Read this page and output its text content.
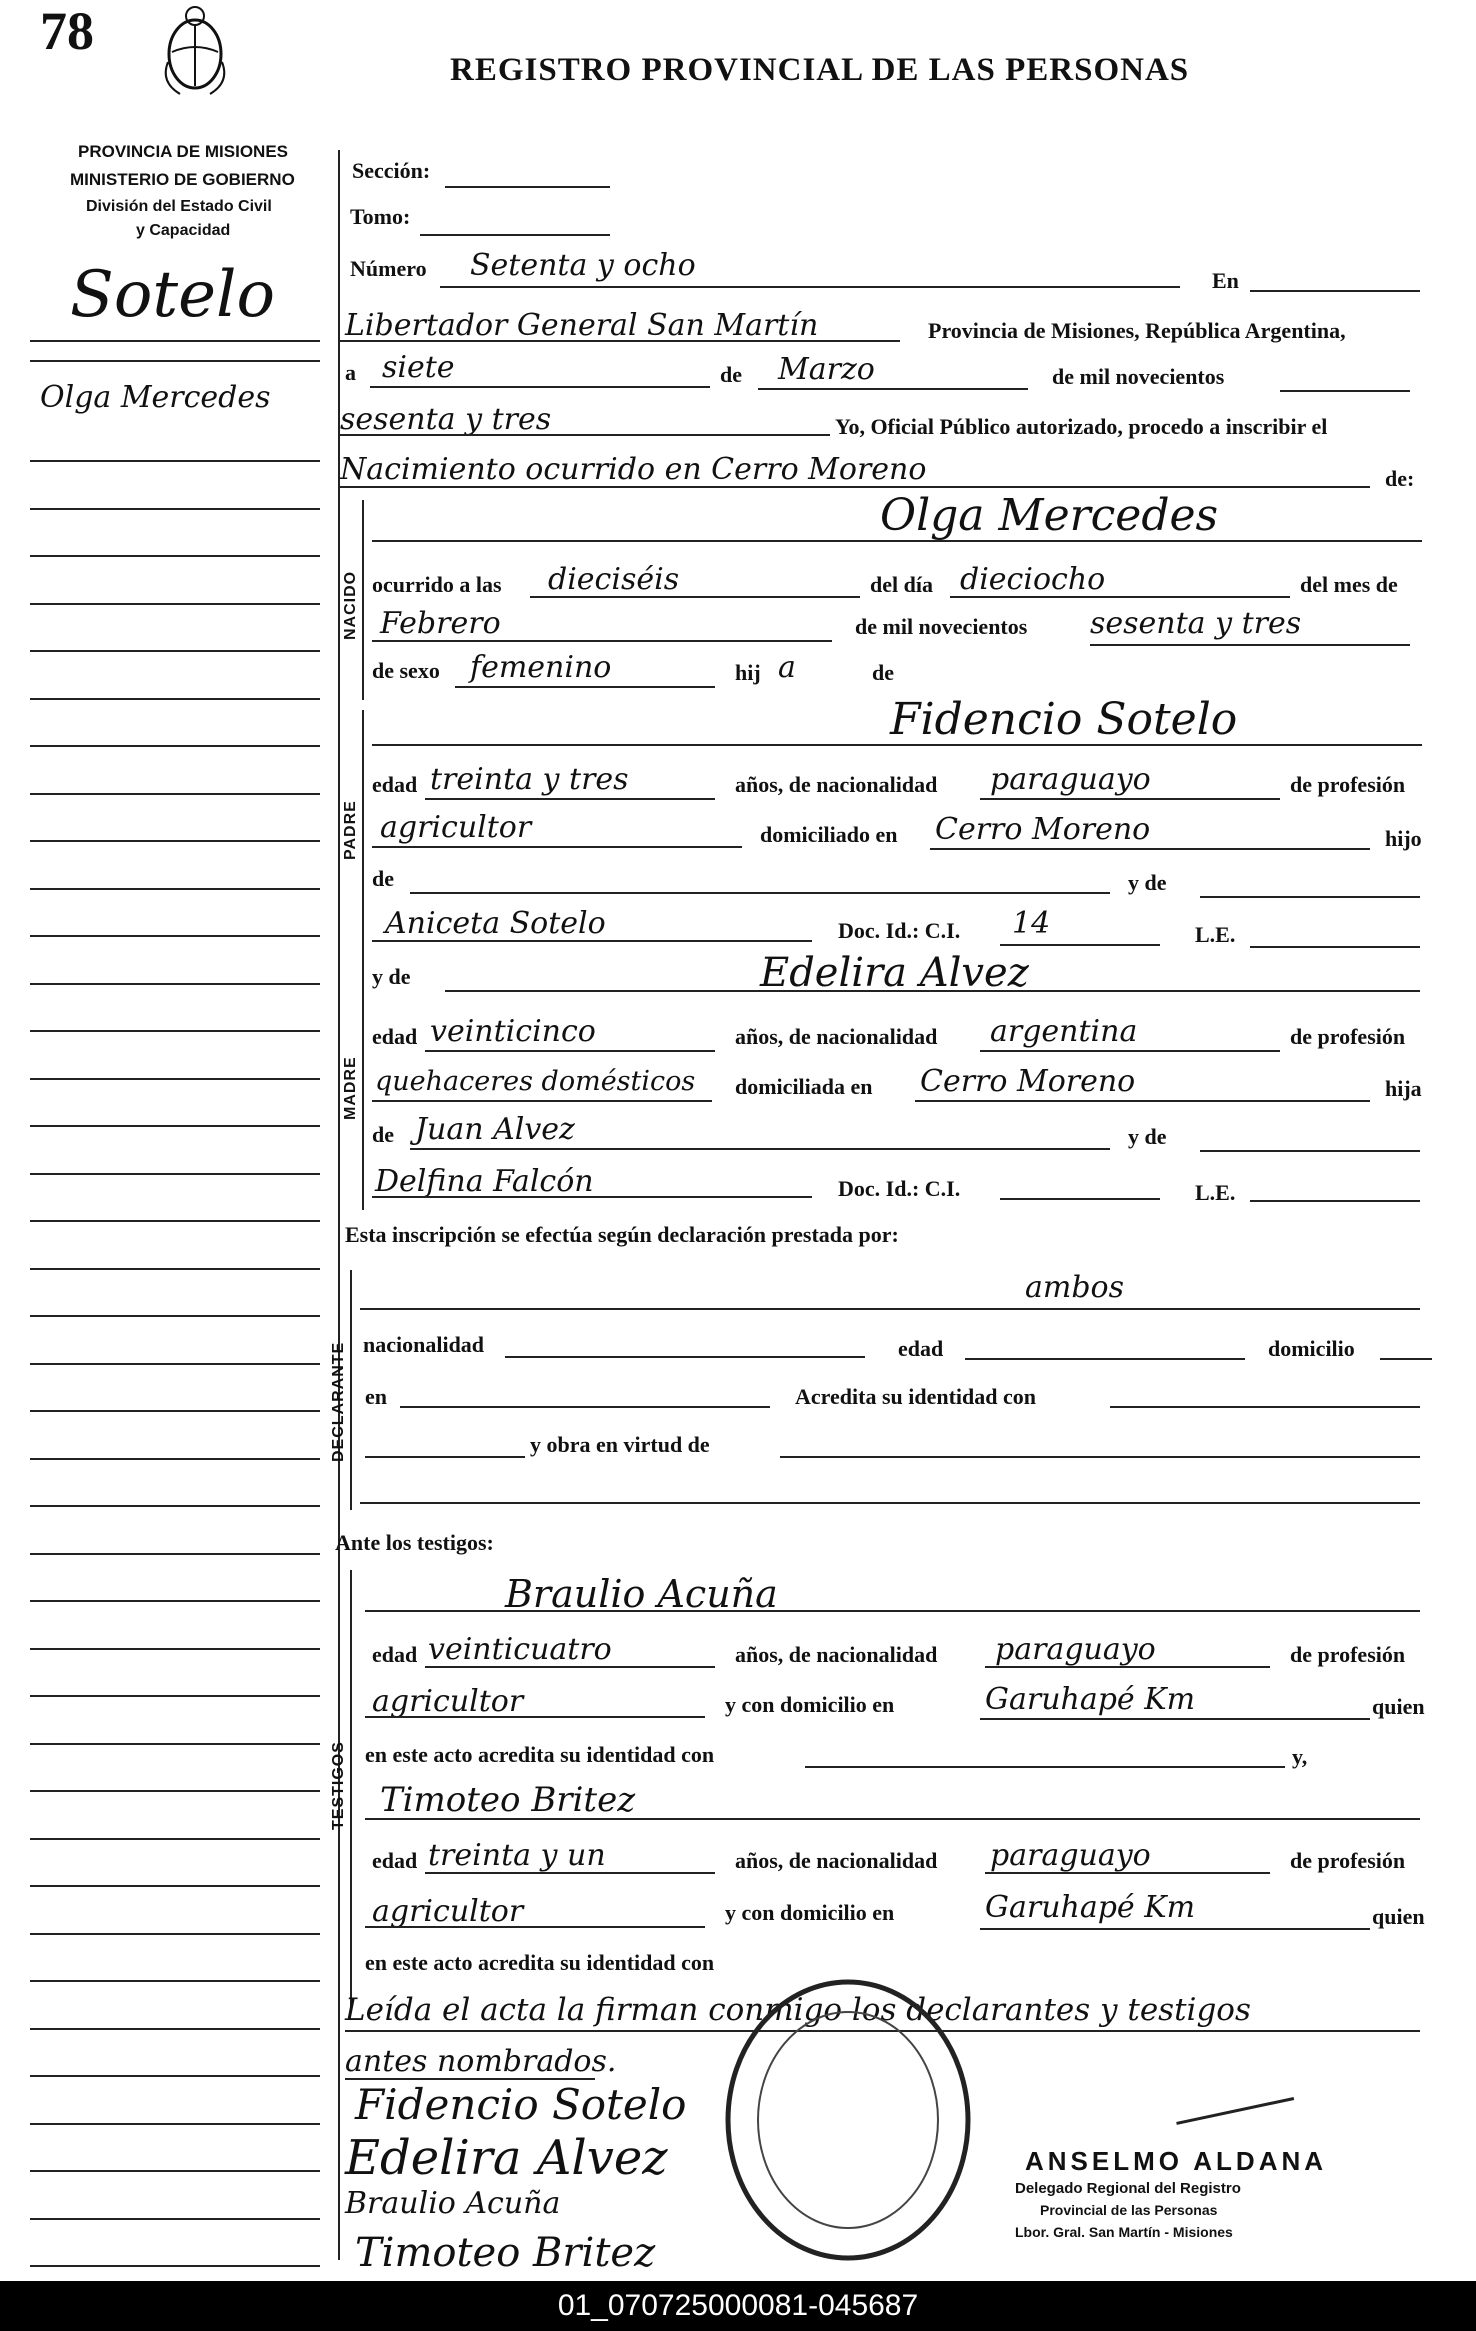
78
REGISTRO PROVINCIAL DE LAS PERSONAS
PROVINCIA DE MISIONES
MINISTERIO DE GOBIERNO
División del Estado Civil
y Capacidad
Sotelo
Olga Mercedes
Sección:
Tomo:
Número Setenta y ocho	En
Libertador General San Martín	Provincia de Misiones, República Argentina,
a siete	de Marzo	de mil novecientos
sesenta y tres	Yo, Oficial Público autorizado, procedo a inscribir el
Nacimiento ocurrido en Cerro Moreno	de:
NACIDO
Olga Mercedes
ocurrido a las dieciséis	del día dieciocho	del mes de
Febrero	de mil novecientos sesenta y tres
de sexo femenino	hij a	de
PADRE
Fidencio Sotelo
edad treinta y tres	años, de nacionalidad paraguayo	de profesión
agricultor	domiciliado en Cerro Moreno	hijo
de	y de
Aniceta Sotelo	Doc. Id.: C.I. 14	L.E.
MADRE
y de	Edelira Alvez
edad veinticinco	años, de nacionalidad argentina	de profesión
quehaceres domésticos domiciliada en Cerro Moreno	hija
de Juan Alvez	y de
Delfina Falcón	Doc. Id.: C.I.	L.E.
Esta inscripción se efectúa según declaración prestada por:
DECLARANTE
ambos
nacionalidad	edad	domicilio
en	Acredita su identidad con
y obra en virtud de
Ante los testigos:
TESTIGOS
Braulio Acuña
edad veinticuatro	años, de nacionalidad paraguayo	de profesión
agricultor	y con domicilio en	Garuhapé Km	quien
en este acto acredita su identidad con	y,
Timoteo Britez
edad treinta y un	años, de nacionalidad paraguayo	de profesión
agricultor	y con domicilio en	Garuhapé Km	quien
en este acto acredita su identidad con
Leída el acta la firman conmigo los declarantes y testigos
antes nombrados.
Fidencio Sotelo
Edelira Alvez
Braulio Acuña
Timoteo Britez
ANSELMO ALDANA
Delegado Regional del Registro
Provincial de las Personas
Lbor. Gral. San Martín - Misiones
01_070725000081-045687
